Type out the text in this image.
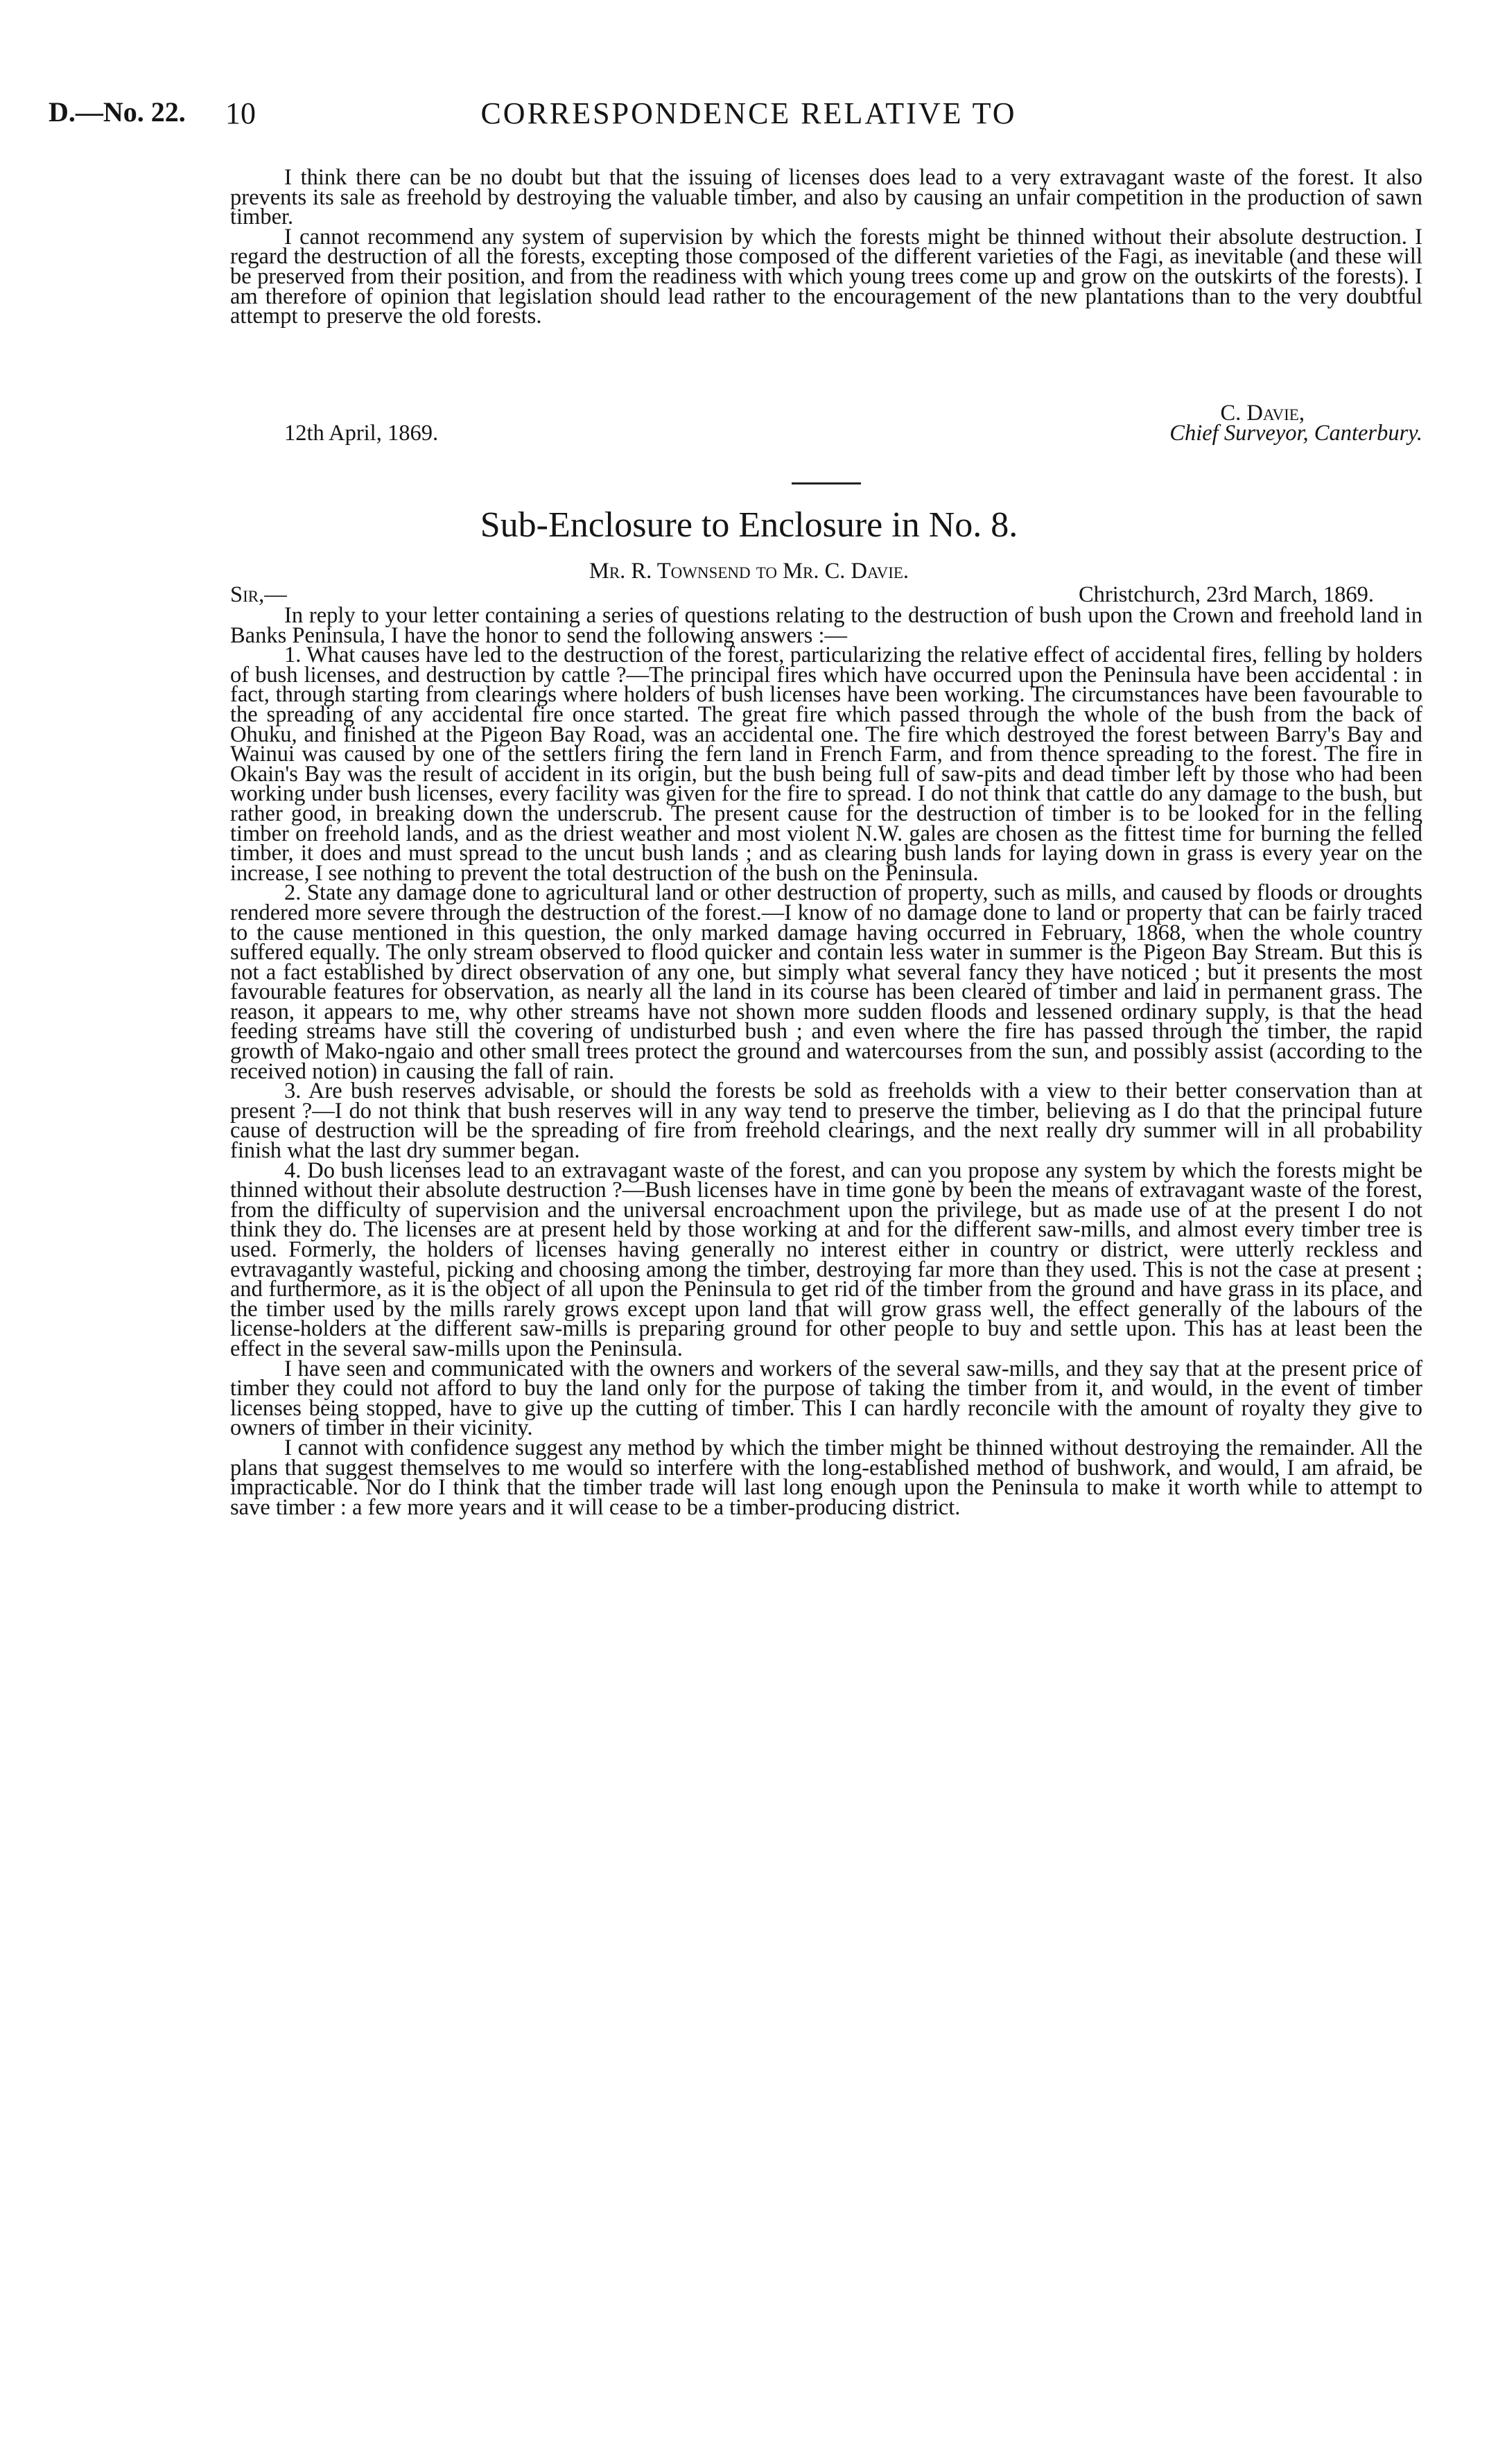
D.—No. 22. 10	CORRESPONDENCE RELATIVE TO

I think there can be no doubt but that the issuing of licenses does lead to a very extravagant waste of the forest. It also prevents its sale as freehold by destroying the valuable timber, and also by causing an unfair competition in the production of sawn timber.

I cannot recommend any system of supervision by which the forests might be thinned without their absolute destruction. I regard the destruction of all the forests, excepting those composed of the different varieties of the Fagi, as inevitable (and these will be preserved from their position, and from the readiness with which young trees come up and grow on the outskirts of the forests). I am therefore of opinion that legislation should lead rather to the encouragement of the new plantations than to the very doubtful attempt to preserve the old forests.

C. Davie,
12th April, 1869.	Chief Surveyor, Canterbury.
Sub-Enclosure to Enclosure in No. 8.
Mr. R. Townsend to Mr. C. Davie.
Sir,—	Christchurch, 23rd March, 1869.

In reply to your letter containing a series of questions relating to the destruction of bush upon the Crown and freehold land in Banks Peninsula, I have the honor to send the following answers :—

1. What causes have led to the destruction of the forest, particularizing the relative effect of accidental fires, felling by holders of bush licenses, and destruction by cattle ?—The principal fires which have occurred upon the Peninsula have been accidental : in fact, through starting from clearings where holders of bush licenses have been working. The circumstances have been favourable to the spreading of any accidental fire once started. The great fire which passed through the whole of the bush from the back of Ohuku, and finished at the Pigeon Bay Road, was an accidental one. The fire which destroyed the forest between Barry's Bay and Wainui was caused by one of the settlers firing the fern land in French Farm, and from thence spreading to the forest. The fire in Okain's Bay was the result of accident in its origin, but the bush being full of saw-pits and dead timber left by those who had been working under bush licenses, every facility was given for the fire to spread. I do not think that cattle do any damage to the bush, but rather good, in breaking down the underscrub. The present cause for the destruction of timber is to be looked for in the felling timber on freehold lands, and as the driest weather and most violent N.W. gales are chosen as the fittest time for burning the felled timber, it does and must spread to the uncut bush lands ; and as clearing bush lands for laying down in grass is every year on the increase, I see nothing to prevent the total destruction of the bush on the Peninsula.

2. State any damage done to agricultural land or other destruction of property, such as mills, and caused by floods or droughts rendered more severe through the destruction of the forest.—I know of no damage done to land or property that can be fairly traced to the cause mentioned in this question, the only marked damage having occurred in February, 1868, when the whole country suffered equally. The only stream observed to flood quicker and contain less water in summer is the Pigeon Bay Stream. But this is not a fact established by direct observation of any one, but simply what several fancy they have noticed ; but it presents the most favourable features for observation, as nearly all the land in its course has been cleared of timber and laid in permanent grass. The reason, it appears to me, why other streams have not shown more sudden floods and lessened ordinary supply, is that the head feeding streams have still the covering of undisturbed bush ; and even where the fire has passed through the timber, the rapid growth of Mako-ngaio and other small trees protect the ground and watercourses from the sun, and possibly assist (according to the received notion) in causing the fall of rain.

3. Are bush reserves advisable, or should the forests be sold as freeholds with a view to their better conservation than at present ?—I do not think that bush reserves will in any way tend to preserve the timber, believing as I do that the principal future cause of destruction will be the spreading of fire from freehold clearings, and the next really dry summer will in all probability finish what the last dry summer began.

4. Do bush licenses lead to an extravagant waste of the forest, and can you propose any system by which the forests might be thinned without their absolute destruction ?—Bush licenses have in time gone by been the means of extravagant waste of the forest, from the difficulty of supervision and the universal encroachment upon the privilege, but as made use of at the present I do not think they do. The licenses are at present held by those working at and for the different saw-mills, and almost every timber tree is used. Formerly, the holders of licenses having generally no interest either in country or district, were utterly reckless and evtravagantly wasteful, picking and choosing among the timber, destroying far more than they used. This is not the case at present ; and furthermore, as it is the object of all upon the Peninsula to get rid of the timber from the ground and have grass in its place, and the timber used by the mills rarely grows except upon land that will grow grass well, the effect generally of the labours of the license-holders at the different saw-mills is preparing ground for other people to buy and settle upon. This has at least been the effect in the several saw-mills upon the Peninsula.

I have seen and communicated with the owners and workers of the several saw-mills, and they say that at the present price of timber they could not afford to buy the land only for the purpose of taking the timber from it, and would, in the event of timber licenses being stopped, have to give up the cutting of timber. This I can hardly reconcile with the amount of royalty they give to owners of timber in their vicinity.

I cannot with confidence suggest any method by which the timber might be thinned without destroying the remainder. All the plans that suggest themselves to me would so interfere with the long-established method of bushwork, and would, I am afraid, be impracticable. Nor do I think that the timber trade will last long enough upon the Peninsula to make it worth while to attempt to save timber : a few more years and it will cease to be a timber-producing district.
